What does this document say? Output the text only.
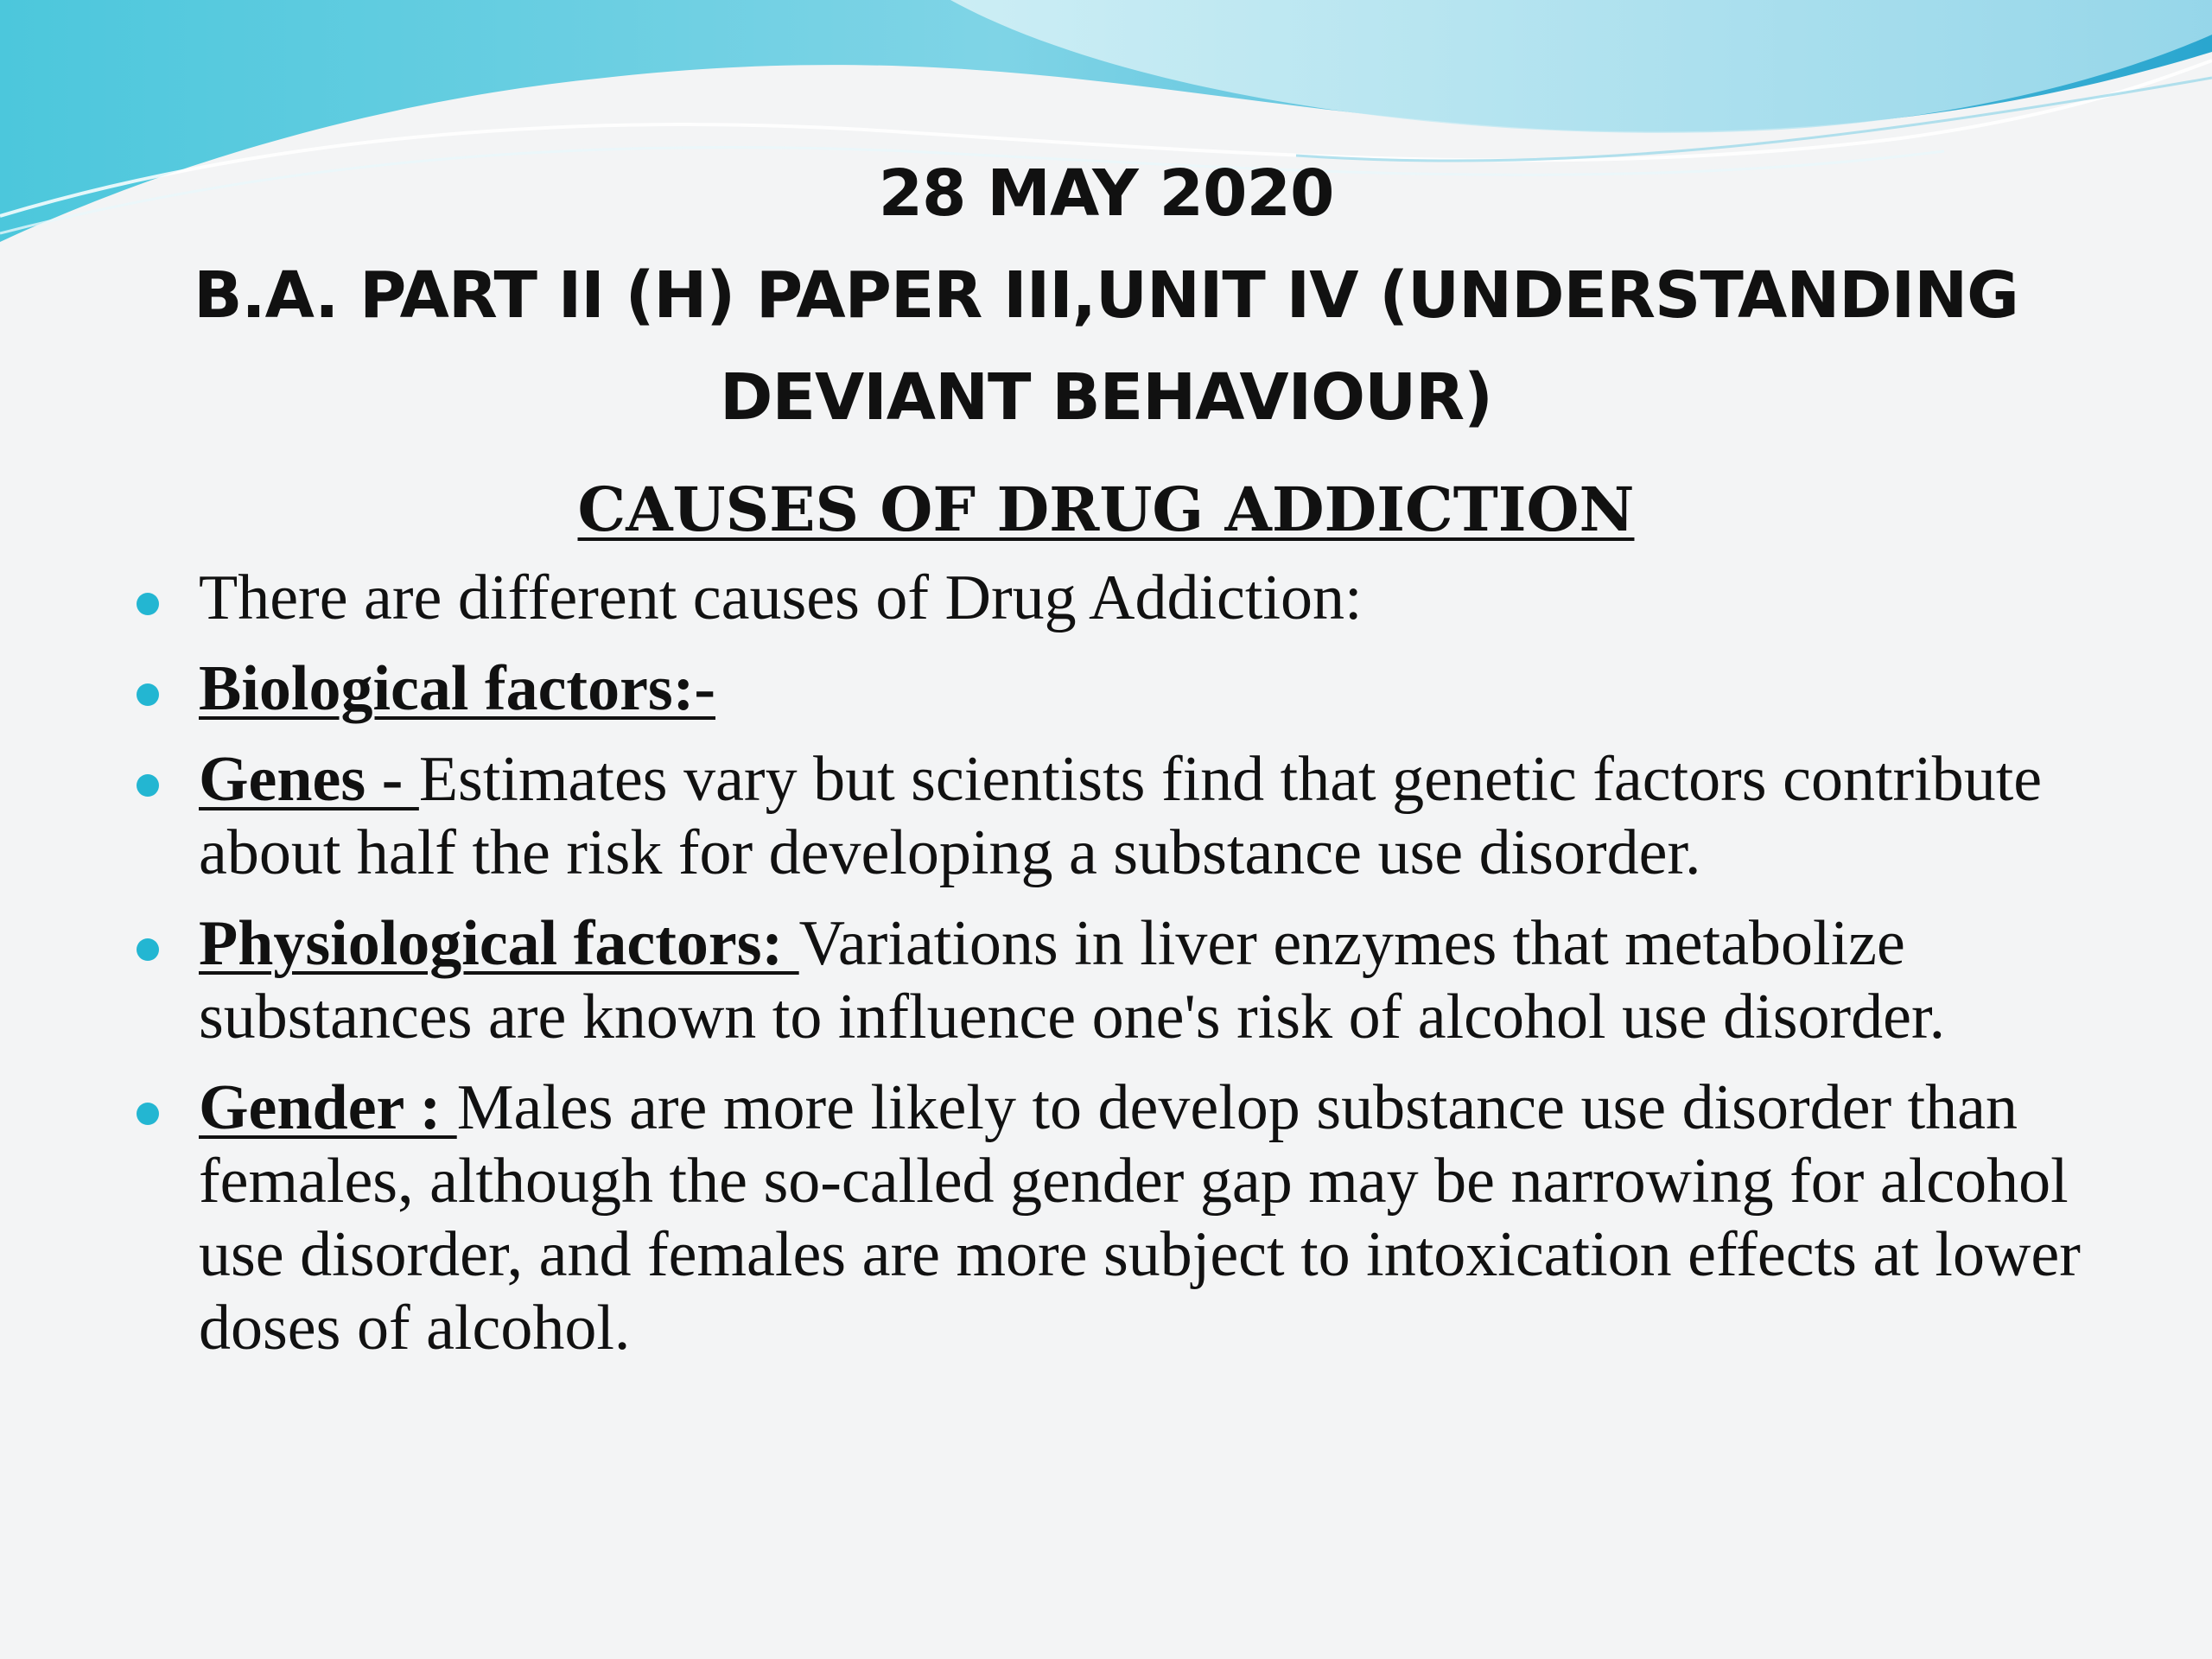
28 MAY 2020
B.A. PART II (H) PAPER III,UNIT IV (UNDERSTANDING
DEVIANT BEHAVIOUR)
CAUSES OF DRUG ADDICTION
There are different causes of Drug Addiction:
Biological factors:-
Genes - Estimates vary but scientists find that genetic factors contribute about half the risk for developing a substance use disorder.
Physiological factors: Variations in liver enzymes that metabolize substances are known to influence one's risk of alcohol use disorder.
Gender : Males are more likely to develop substance use disorder than females, although the so-called gender gap may be narrowing for alcohol use disorder, and females are more subject to intoxication effects at lower doses of alcohol.
